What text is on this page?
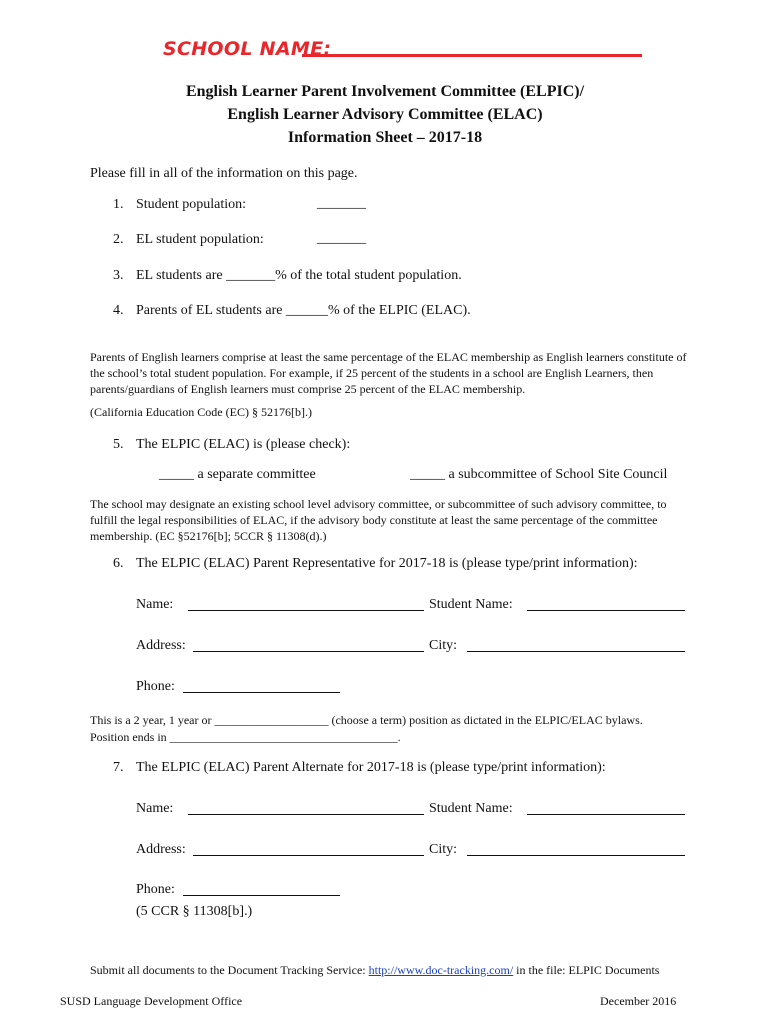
SCHOOL NAME:
English Learner Parent Involvement Committee (ELPIC)/
English Learner Advisory Committee (ELAC)
Information Sheet – 2017-18
Please fill in all of the information on this page.
1. Student population:	_______
2. EL student population:	_______
3. EL students are _______% of the total student population.
4. Parents of EL students are ______% of the ELPIC (ELAC).
Parents of English learners comprise at least the same percentage of the ELAC membership as English learners constitute of the school’s total student population. For example, if 25 percent of the students in a school are English Learners, then parents/guardians of English learners must comprise 25 percent of the ELAC membership.
(California Education Code (EC) § 52176[b].)
5. The ELPIC (ELAC) is (please check):
_____ a separate committee	_____ a subcommittee of School Site Council
The school may designate an existing school level advisory committee, or subcommittee of such advisory committee, to fulfill the legal responsibilities of ELAC, if the advisory body constitute at least the same percentage of the committee membership. (EC §52176[b]; 5CCR § 11308(d).)
6. The ELPIC (ELAC) Parent Representative for 2017-18 is (please type/print information):
Name:	Student Name:
Address:	City:
Phone:
This is a 2 year, 1 year or ___________________ (choose a term) position as dictated in the ELPIC/ELAC bylaws.
Position ends in ______________________________________.
7. The ELPIC (ELAC) Parent Alternate for 2017-18 is (please type/print information):
Name:	Student Name:
Address:	City:
Phone:
(5 CCR § 11308[b].)
Submit all documents to the Document Tracking Service: http://www.doc-tracking.com/ in the file: ELPIC Documents
SUSD Language Development Office	December 2016
